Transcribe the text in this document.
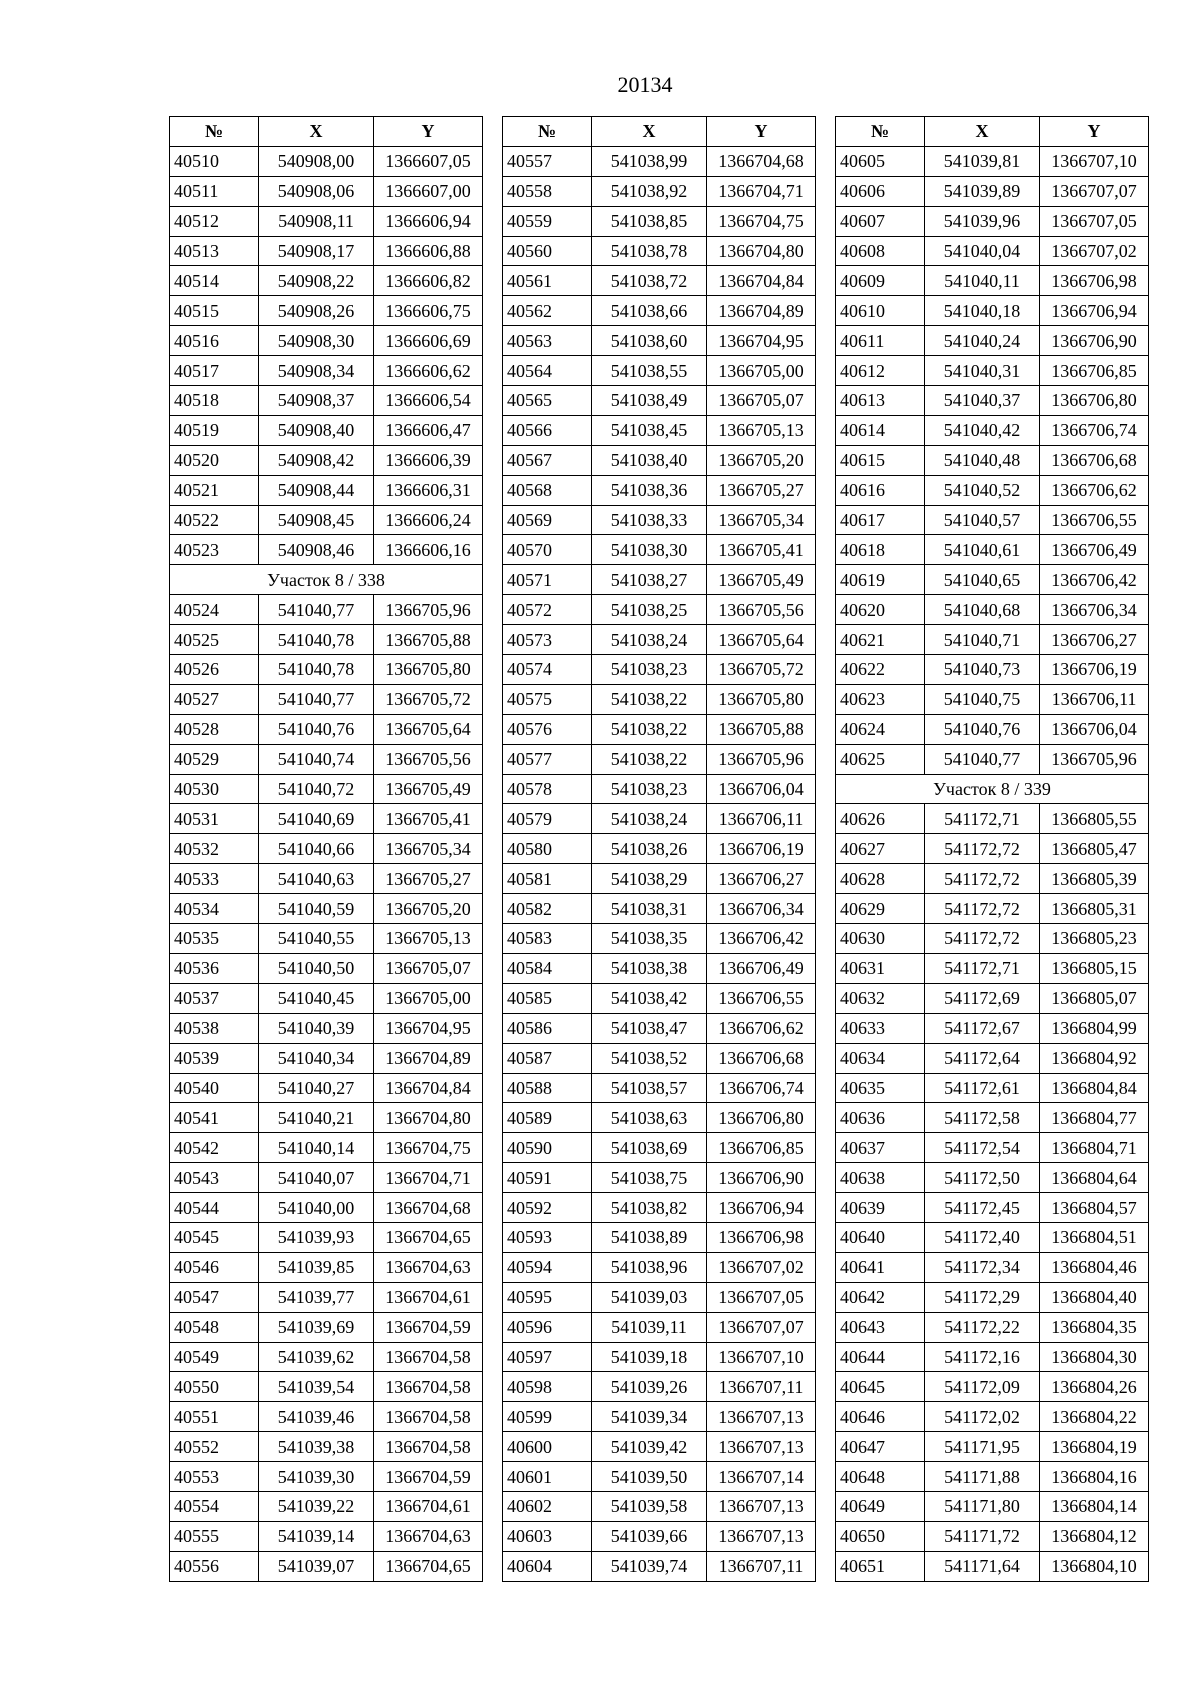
20134
№	X	Y
40510	540908,00	1366607,05
40511	540908,06	1366607,00
40512	540908,11	1366606,94
40513	540908,17	1366606,88
40514	540908,22	1366606,82
40515	540908,26	1366606,75
40516	540908,30	1366606,69
40517	540908,34	1366606,62
40518	540908,37	1366606,54
40519	540908,40	1366606,47
40520	540908,42	1366606,39
40521	540908,44	1366606,31
40522	540908,45	1366606,24
40523	540908,46	1366606,16
Участок 8 / 338		
40524	541040,77	1366705,96
40525	541040,78	1366705,88
40526	541040,78	1366705,80
40527	541040,77	1366705,72
40528	541040,76	1366705,64
40529	541040,74	1366705,56
40530	541040,72	1366705,49
40531	541040,69	1366705,41
40532	541040,66	1366705,34
40533	541040,63	1366705,27
40534	541040,59	1366705,20
40535	541040,55	1366705,13
40536	541040,50	1366705,07
40537	541040,45	1366705,00
40538	541040,39	1366704,95
40539	541040,34	1366704,89
40540	541040,27	1366704,84
40541	541040,21	1366704,80
40542	541040,14	1366704,75
40543	541040,07	1366704,71
40544	541040,00	1366704,68
40545	541039,93	1366704,65
40546	541039,85	1366704,63
40547	541039,77	1366704,61
40548	541039,69	1366704,59
40549	541039,62	1366704,58
40550	541039,54	1366704,58
40551	541039,46	1366704,58
40552	541039,38	1366704,58
40553	541039,30	1366704,59
40554	541039,22	1366704,61
40555	541039,14	1366704,63
40556	541039,07	1366704,65
№	X	Y
40557	541038,99	1366704,68
40558	541038,92	1366704,71
40559	541038,85	1366704,75
40560	541038,78	1366704,80
40561	541038,72	1366704,84
40562	541038,66	1366704,89
40563	541038,60	1366704,95
40564	541038,55	1366705,00
40565	541038,49	1366705,07
40566	541038,45	1366705,13
40567	541038,40	1366705,20
40568	541038,36	1366705,27
40569	541038,33	1366705,34
40570	541038,30	1366705,41
40571	541038,27	1366705,49
40572	541038,25	1366705,56
40573	541038,24	1366705,64
40574	541038,23	1366705,72
40575	541038,22	1366705,80
40576	541038,22	1366705,88
40577	541038,22	1366705,96
40578	541038,23	1366706,04
40579	541038,24	1366706,11
40580	541038,26	1366706,19
40581	541038,29	1366706,27
40582	541038,31	1366706,34
40583	541038,35	1366706,42
40584	541038,38	1366706,49
40585	541038,42	1366706,55
40586	541038,47	1366706,62
40587	541038,52	1366706,68
40588	541038,57	1366706,74
40589	541038,63	1366706,80
40590	541038,69	1366706,85
40591	541038,75	1366706,90
40592	541038,82	1366706,94
40593	541038,89	1366706,98
40594	541038,96	1366707,02
40595	541039,03	1366707,05
40596	541039,11	1366707,07
40597	541039,18	1366707,10
40598	541039,26	1366707,11
40599	541039,34	1366707,13
40600	541039,42	1366707,13
40601	541039,50	1366707,14
40602	541039,58	1366707,13
40603	541039,66	1366707,13
40604	541039,74	1366707,11
№	X	Y
40605	541039,81	1366707,10
40606	541039,89	1366707,07
40607	541039,96	1366707,05
40608	541040,04	1366707,02
40609	541040,11	1366706,98
40610	541040,18	1366706,94
40611	541040,24	1366706,90
40612	541040,31	1366706,85
40613	541040,37	1366706,80
40614	541040,42	1366706,74
40615	541040,48	1366706,68
40616	541040,52	1366706,62
40617	541040,57	1366706,55
40618	541040,61	1366706,49
40619	541040,65	1366706,42
40620	541040,68	1366706,34
40621	541040,71	1366706,27
40622	541040,73	1366706,19
40623	541040,75	1366706,11
40624	541040,76	1366706,04
40625	541040,77	1366705,96
Участок 8 / 339		
40626	541172,71	1366805,55
40627	541172,72	1366805,47
40628	541172,72	1366805,39
40629	541172,72	1366805,31
40630	541172,72	1366805,23
40631	541172,71	1366805,15
40632	541172,69	1366805,07
40633	541172,67	1366804,99
40634	541172,64	1366804,92
40635	541172,61	1366804,84
40636	541172,58	1366804,77
40637	541172,54	1366804,71
40638	541172,50	1366804,64
40639	541172,45	1366804,57
40640	541172,40	1366804,51
40641	541172,34	1366804,46
40642	541172,29	1366804,40
40643	541172,22	1366804,35
40644	541172,16	1366804,30
40645	541172,09	1366804,26
40646	541172,02	1366804,22
40647	541171,95	1366804,19
40648	541171,88	1366804,16
40649	541171,80	1366804,14
40650	541171,72	1366804,12
40651	541171,64	1366804,10
